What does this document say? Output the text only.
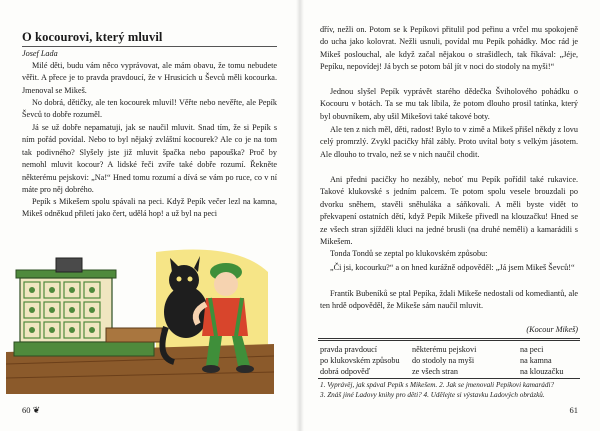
O kocourovi, který mluvil
Josef Lada

Milé děti, budu vám něco vyprávovat, ale mám obavu, že tomu nebudete věřit. A přece je to pravda pravdoucí, že v Hrusicích u Ševců měli kocourka. Jmenoval se Mikeš.

No dobrá, dětičky, ale ten kocourek mluvil! Věřte nebo nevěřte, ale Pepík Ševců to dobře rozuměl.

Já se už dobře nepamatuji, jak se naučil mluvit. Snad tím, že si Pepík s ním pořád povídal. Nebo to byl nějaký zvláštní kocourek? Ale co je na tom tak podivného? Slyšely jste již mluvit špačka nebo papouška? Proč by nemohl mluvit kocour? A lidské řeči zvíře také dobře rozumí. Řekněte některému pejskovi: „Na!“ Hned tomu rozumí a dívá se vám po ruce, co v ní máte pro něj dobrého.

Pepík s Mikešem spolu spávali na peci. Když Pepík večer lezl na kamna, Mikeš odněkud přiletí jako čert, udělá hop! a už byl na peci

60 ❦

dřív, nežli on. Potom se k Pepíkovi přitulil pod peřinu a vrčel mu spokojeně do ucha jako kolovrat. Nežli usnuli, povídal mu Pepík pohádky. Moc rád je Mikeš poslouchal, ale když začal nějakou o strašidlech, tak říkával: „Jéje, Pepíku, nepovídej! Já bych se potom bál jít v noci do stodoly na myši!“

Jednou slyšel Pepík vyprávět starého dědečka Šviholového pohádku o Kocouru v botách. Ta se mu tak líbila, že potom dlouho prosil tatínka, který byl obuvníkem, aby ušil Mikešovi také takové boty.

Ale ten z nich měl, děti, radost! Bylo to v zimě a Mikeš přišel někdy z lovu celý promrzlý. Zvykl pacičky hřál zábly. Proto uvítal boty s velkým jásotem. Ale dlouho to trvalo, než se v nich naučil chodit.

Ani předni pacičky ho nezábly, neboť mu Pepík pořídil také rukavice. Takové klukovské s jedním palcem. Te potom spolu vesele brouzdali po dvorku sněhem, stavěli sněhuláka a sáňkovali. A měli byste vidět to překvapení ostatních dětí, když Pepík Mikeše přivedl na klouzačku! Hned se ze všech stran sjížděli kluci na jedné brusli (na druhé neměli) a kamarádili s Mikešem.

Tonda Tondů se zeptal po klukovském způsobu:

„Či jsi, kocourku?“ a on hned kurážně odpověděl: „Já jsem Mikeš Ševců!“

Frantík Bubeníků se ptal Pepíka, ždali Mikeše nedostali od komediantů, ale ten hrdě odpověděl, že Mikeše sám naučil mluvit.

(Kocour Mikeš)
pravda pravdoucí	některému pejskovi	na peci
po klukovském způsobu	do stodoly na myši	na kamna
dobrá odpověď	ze všech stran	na klouzačku
1. Vyprávěj, jak spával Pepík s Mikešem. 2. Jak se jmenovali Pepíkovi kamarádi?
3. Znáš jiné Ladovy knihy pro děti? 4. Udělejte si výstavku Ladových obrázků.
61
